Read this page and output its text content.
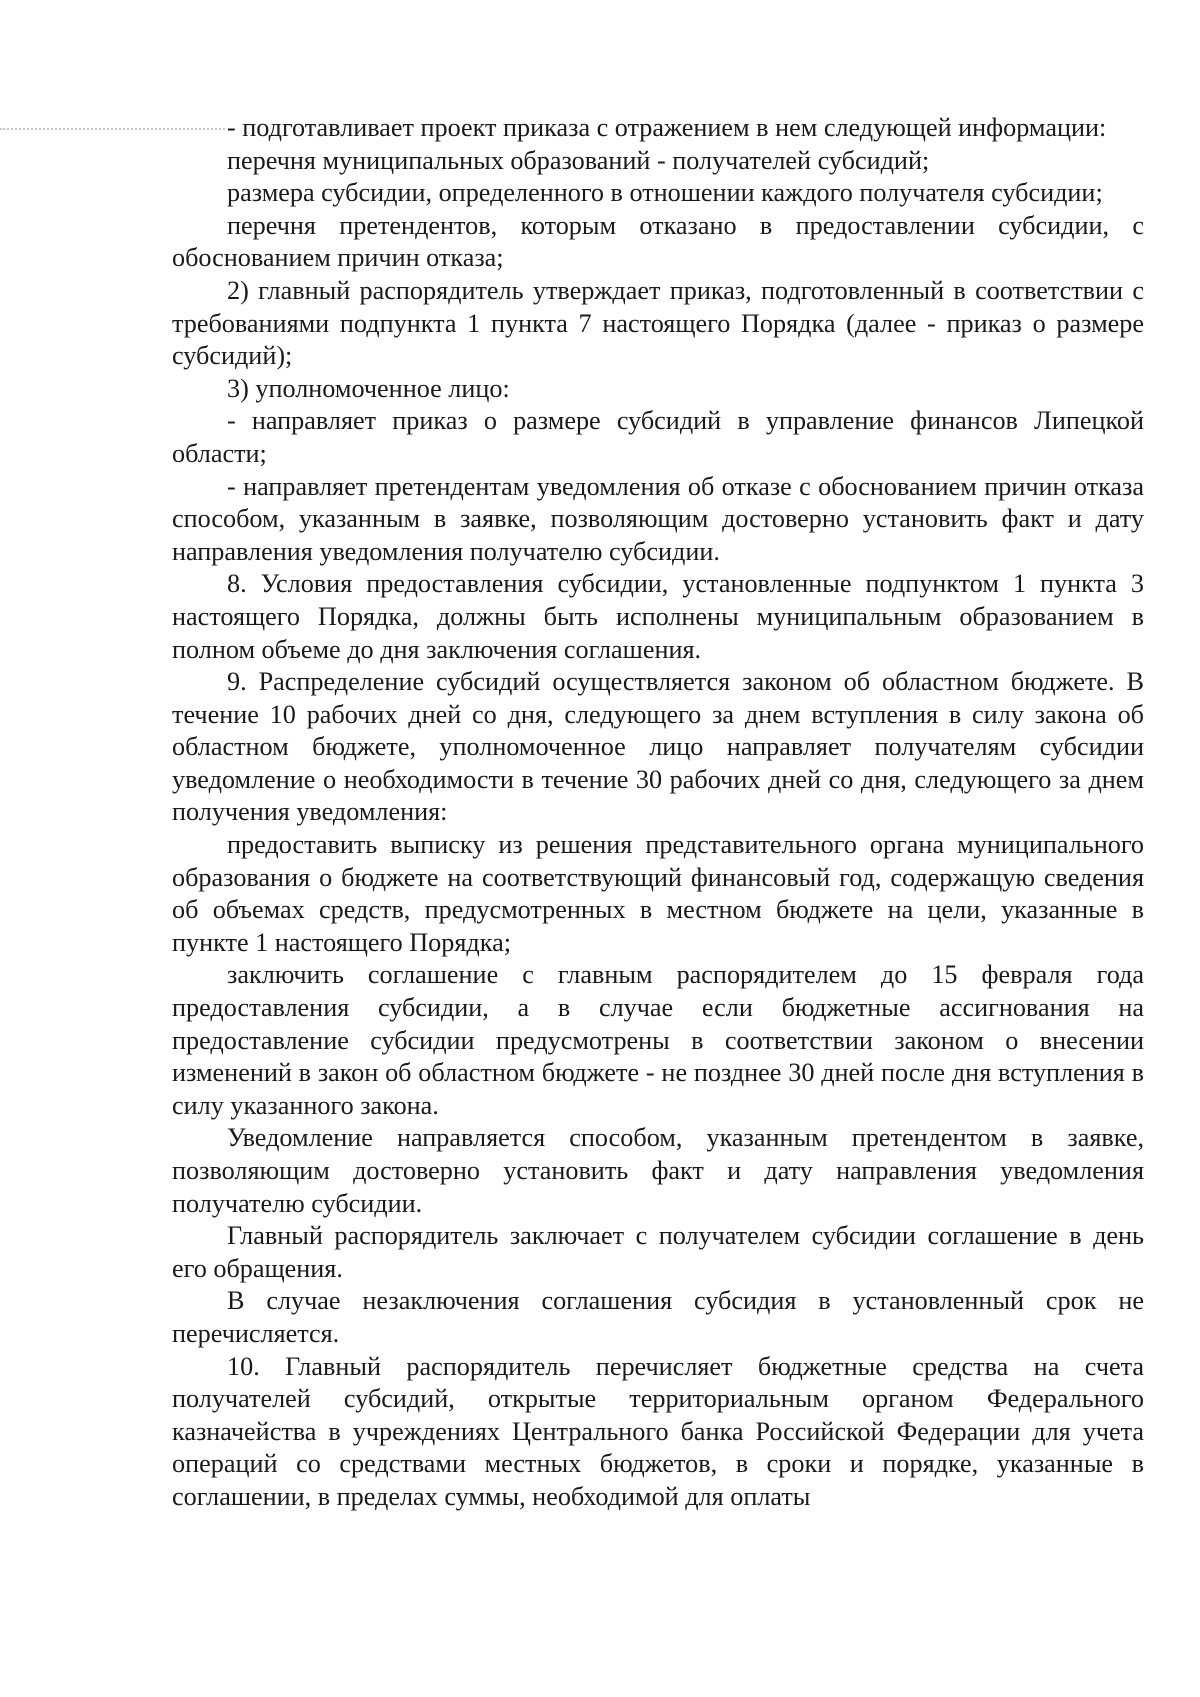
- подготавливает проект приказа с отражением в нем следующей информации:

перечня муниципальных образований - получателей субсидий;

размера субсидии, определенного в отношении каждого получателя субсидии;

перечня претендентов, которым отказано в предоставлении субсидии, с обоснованием причин отказа;

2) главный распорядитель утверждает приказ, подготовленный в соответствии с требованиями подпункта 1 пункта 7 настоящего Порядка (далее - приказ о размере субсидий);

3) уполномоченное лицо:

- направляет приказ о размере субсидий в управление финансов Липецкой области;

- направляет претендентам уведомления об отказе с обоснованием причин отказа способом, указанным в заявке, позволяющим достоверно установить факт и дату направления уведомления получателю субсидии.

8. Условия предоставления субсидии, установленные подпунктом 1 пункта 3 настоящего Порядка, должны быть исполнены муниципальным образованием в полном объеме до дня заключения соглашения.

9. Распределение субсидий осуществляется законом об областном бюджете. В течение 10 рабочих дней со дня, следующего за днем вступления в силу закона об областном бюджете, уполномоченное лицо направляет получателям субсидии уведомление о необходимости в течение 30 рабочих дней со дня, следующего за днем получения уведомления:

предоставить выписку из решения представительного органа муниципального образования о бюджете на соответствующий финансовый год, содержащую сведения об объемах средств, предусмотренных в местном бюджете на цели, указанные в пункте 1 настоящего Порядка;

заключить соглашение с главным распорядителем до 15 февраля года предоставления субсидии, а в случае если бюджетные ассигнования на предоставление субсидии предусмотрены в соответствии законом о внесении изменений в закон об областном бюджете - не позднее 30 дней после дня вступления в силу указанного закона.

Уведомление направляется способом, указанным претендентом в заявке, позволяющим достоверно установить факт и дату направления уведомления получателю субсидии.

Главный распорядитель заключает с получателем субсидии соглашение в день его обращения.

В случае незаключения соглашения субсидия в установленный срок не перечисляется.

10. Главный распорядитель перечисляет бюджетные средства на счета получателей субсидий, открытые территориальным органом Федерального казначейства в учреждениях Центрального банка Российской Федерации для учета операций со средствами местных бюджетов, в сроки и порядке, указанные в соглашении, в пределах суммы, необходимой для оплаты
